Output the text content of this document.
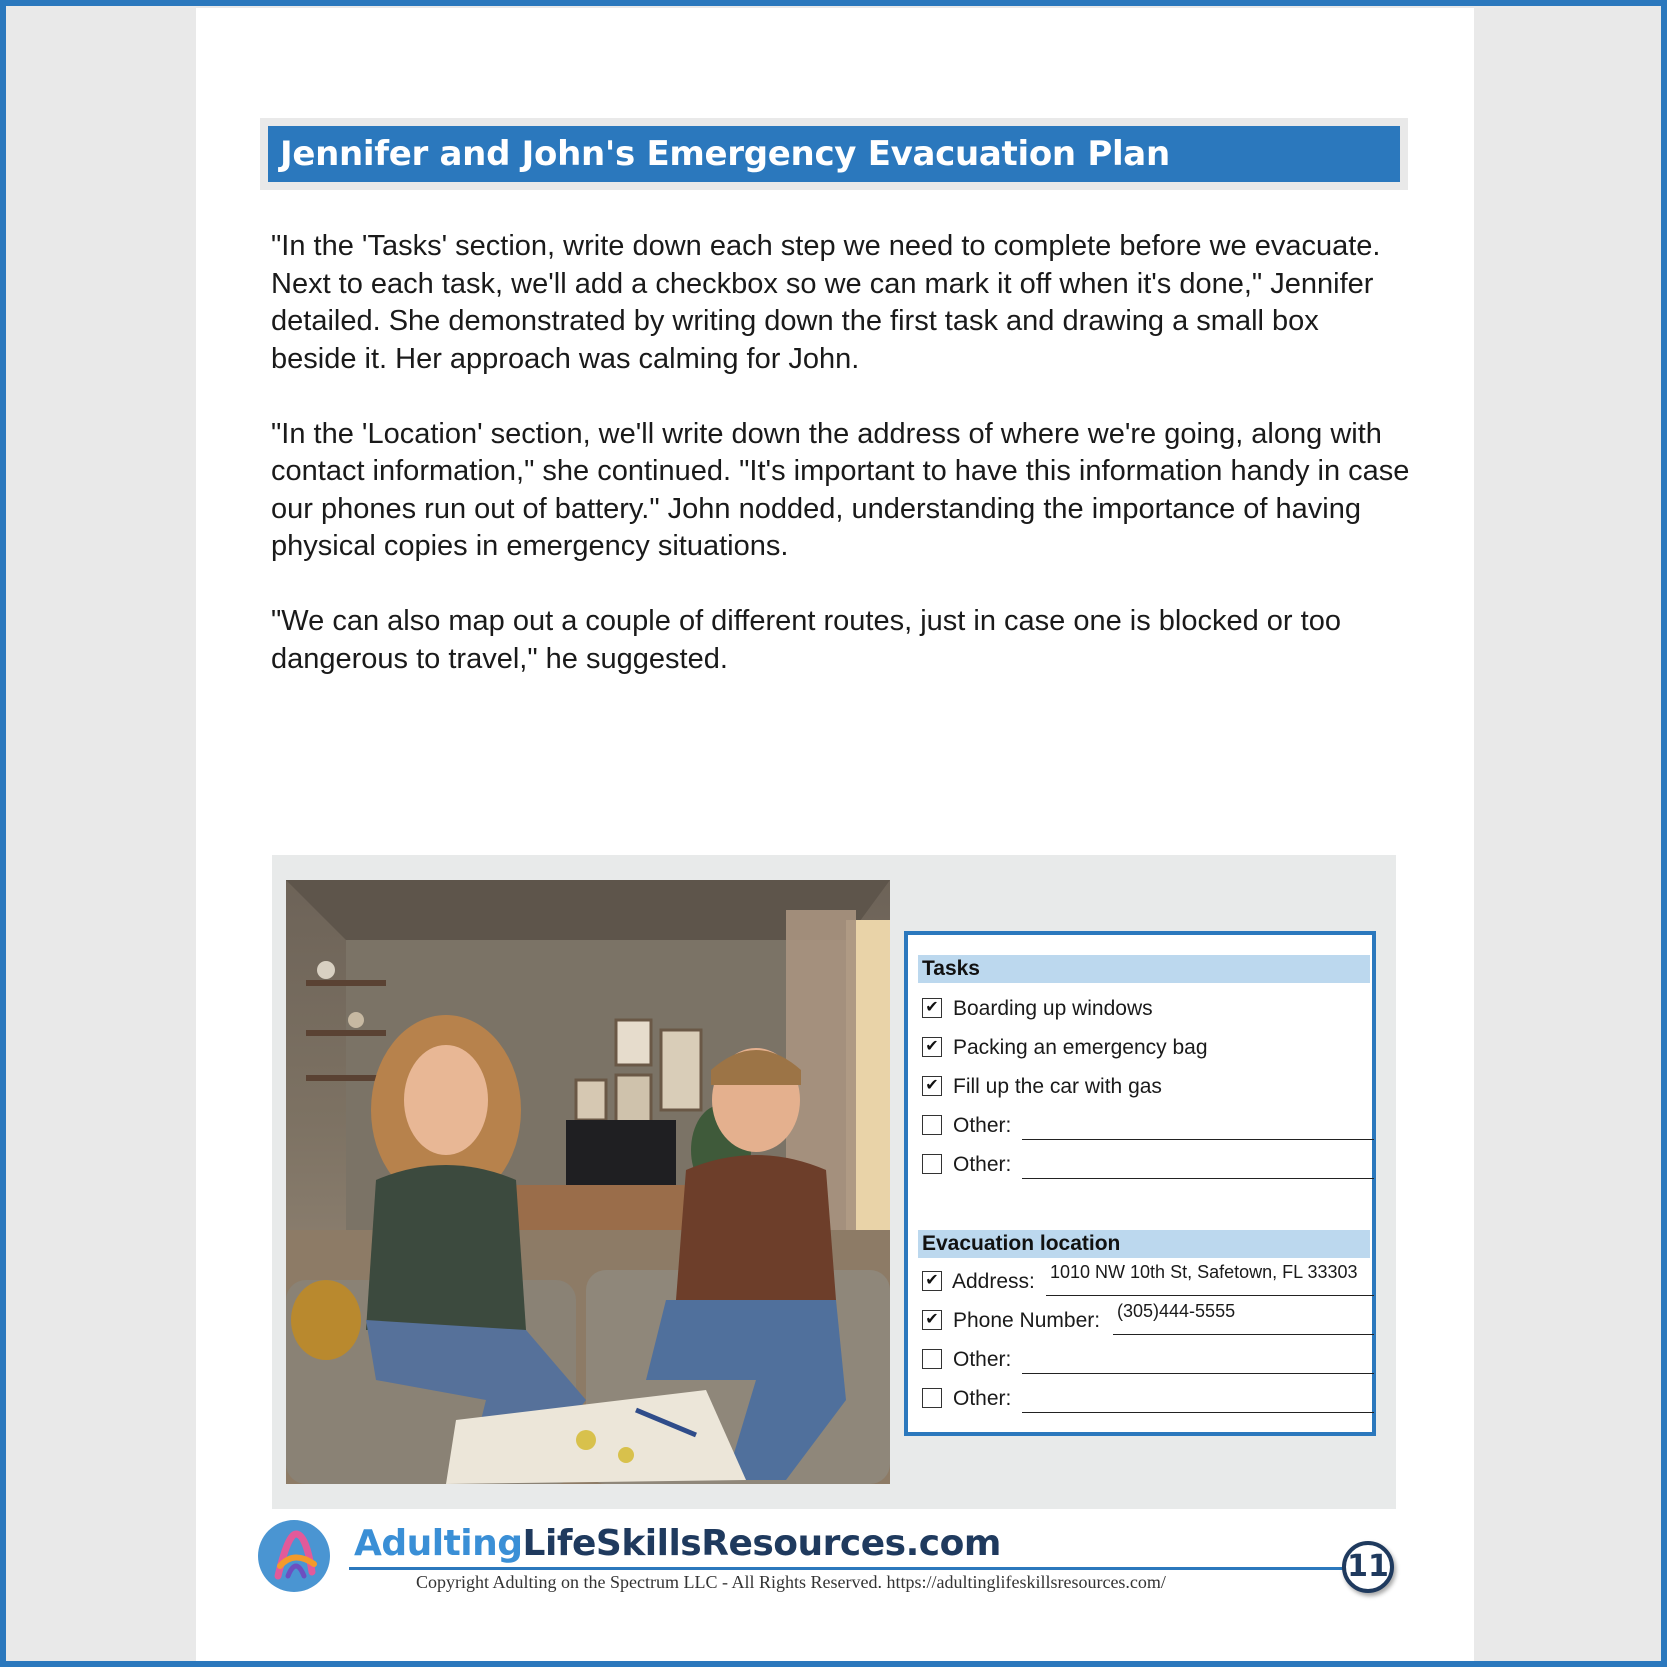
Jennifer and John's Emergency Evacuation Plan

"In the 'Tasks' section, write down each step we need to complete before we evacuate. Next to each task, we'll add a checkbox so we can mark it off when it's done," Jennifer detailed. She demonstrated by writing down the first task and drawing a small box beside it. Her approach was calming for John.

"In the 'Location' section, we'll write down the address of where we're going, along with contact information," she continued. "It's important to have this information handy in case our phones run out of battery." John nodded, understanding the importance of having physical copies in emergency situations.

"We can also map out a couple of different routes, just in case one is blocked or too dangerous to travel," he suggested.

Tasks
✔ Boarding up windows
✔ Packing an emergency bag
✔ Fill up the car with gas
Other:
Other:
Evacuation location
✔ Address: 1010 NW 10th St, Safetown, FL 33303
✔ Phone Number: (305)444-5555
Other:
Other:
AdultingLifeSkillsResources.com
Copyright Adulting on the Spectrum LLC - All Rights Reserved. https://adultinglifeskillsresources.com/	11
